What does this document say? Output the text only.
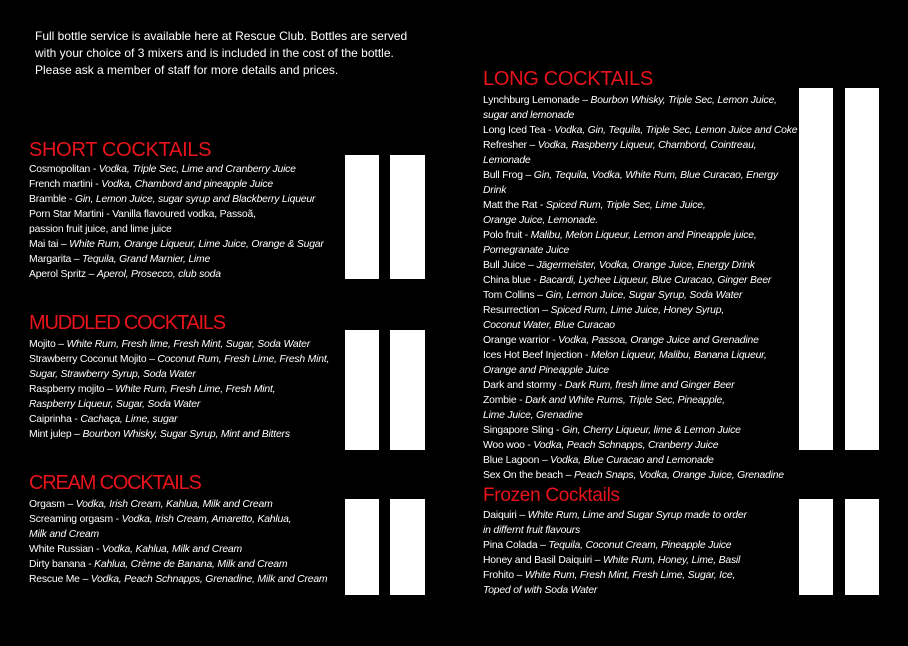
Full bottle service is available here at Rescue Club. Bottles are served with your choice of 3 mixers and is included in the cost of the bottle. Please ask a member of staff for more details and prices.
SHORT COCKTAILS
Cosmopolitan - Vodka, Triple Sec, Lime and Cranberry Juice
French martini - Vodka, Chambord and pineapple Juice
Bramble - Gin, Lemon Juice, sugar syrup and Blackberry Liqueur
Porn Star Martini - Vanilla flavoured vodka, Passoã,
passion fruit juice, and lime juice
Mai tai – White Rum, Orange Liqueur, Lime Juice, Orange & Sugar
Margarita – Tequila, Grand Marnier, Lime
Aperol Spritz – Aperol, Prosecco, club soda
MUDDLED COCKTAILS
Mojito – White Rum, Fresh lime, Fresh Mint, Sugar, Soda Water
Strawberry Coconut Mojito – Coconut Rum, Fresh Lime, Fresh Mint,
Sugar, Strawberry Syrup, Soda Water
Raspberry mojito – White Rum, Fresh Lime, Fresh Mint,
Raspberry Liqueur, Sugar, Soda Water
Caiprinha - Cachaça, Lime, sugar
Mint julep – Bourbon Whisky, Sugar Syrup, Mint and Bitters
CREAM COCKTAILS
Orgasm – Vodka, Irish Cream, Kahlua, Milk and Cream
Screaming orgasm - Vodka, Irish Cream, Amaretto, Kahlua,
Milk and Cream
White Russian - Vodka, Kahlua, Milk and Cream
Dirty banana - Kahlua, Crème de Banana, Milk and Cream
Rescue Me – Vodka, Peach Schnapps, Grenadine, Milk and Cream
LONG COCKTAILS
Lynchburg Lemonade – Bourbon Whisky, Triple Sec, Lemon Juice,
sugar and lemonade
Long Iced Tea - Vodka, Gin, Tequila, Triple Sec, Lemon Juice and Coke
Refresher – Vodka, Raspberry Liqueur, Chambord, Cointreau, Lemonade
Bull Frog – Gin, Tequila, Vodka, White Rum, Blue Curacao, Energy Drink
Matt the Rat - Spiced Rum, Triple Sec, Lime Juice,
Orange Juice, Lemonade.
Polo fruit - Malibu, Melon Liqueur, Lemon and Pineapple juice,
Pomegranate Juice
Bull Juice – Jägermeister, Vodka, Orange Juice, Energy Drink
China blue - Bacardi, Lychee Liqueur, Blue Curacao, Ginger Beer
Tom Collins – Gin, Lemon Juice, Sugar Syrup, Soda Water
Resurrection – Spiced Rum, Lime Juice, Honey Syrup,
Coconut Water, Blue Curacao
Orange warrior - Vodka, Passoa, Orange Juice and Grenadine
Ices Hot Beef Injection - Melon Liqueur, Malibu, Banana Liqueur,
Orange and Pineapple Juice
Dark and stormy - Dark Rum, fresh lime and Ginger Beer
Zombie - Dark and White Rums, Triple Sec, Pineapple,
Lime Juice, Grenadine
Singapore Sling - Gin, Cherry Liqueur, lime & Lemon Juice
Woo woo - Vodka, Peach Schnapps, Cranberry Juice
Blue Lagoon – Vodka, Blue Curacao and Lemonade
Sex On the beach – Peach Snaps, Vodka, Orange Juice, Grenadine
Frozen Cocktails
Daiquiri – White Rum, Lime and Sugar Syrup made to order
in differnt fruit flavours
Pina Colada – Tequila, Coconut Cream, Pineapple Juice
Honey and Basil Daiquiri – White Rum, Honey, Lime, Basil
Frohito – White Rum, Fresh Mint, Fresh Lime, Sugar, Ice,
Toped of with Soda Water
